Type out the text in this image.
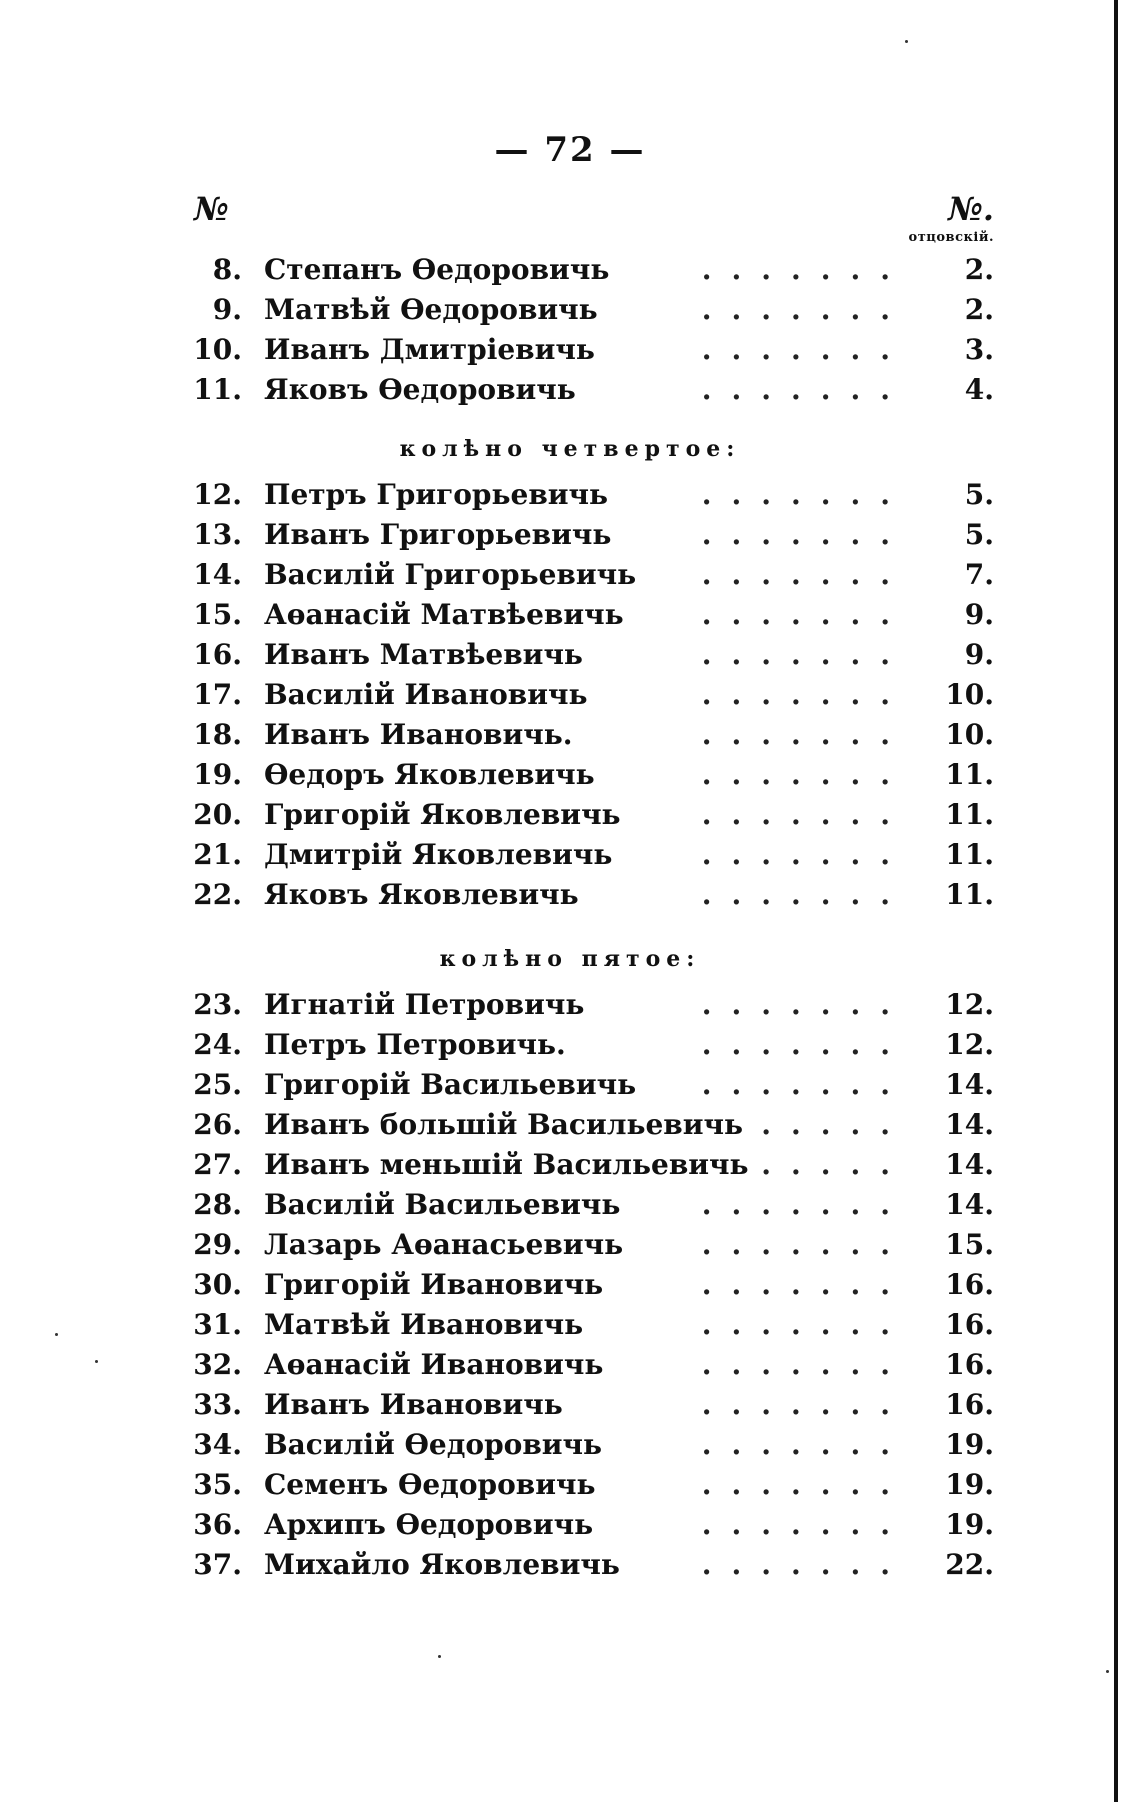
— 72 —
№	№.
отцовскій.
8. Степанъ Өедоровичь	.......	2.
9. Матвѣй Өедоровичь	.......	2.
10. Иванъ Дмитріевичь	.......	3.
11. Яковъ Өедоровичь	.......	4.
колѣно четвертое:
12. Петръ Григорьевичь	.......	5.
13. Иванъ Григорьевичь	.......	5.
14. Василій Григорьевичь	.......	7.
15. Аөанасій Матвѣевичь	.......	9.
16. Иванъ Матвѣевичь	.......	9.
17. Василій Ивановичь	.......	10.
18. Иванъ Ивановичь.	.......	10.
19. Өедоръ Яковлевичь	.......	11.
20. Григорій Яковлевичь	.......	11.
21. Дмитрій Яковлевичь	.......	11.
22. Яковъ Яковлевичь	.......	11.
колѣно пятое:
23. Игнатій Петровичь	.......	12.
24. Петръ Петровичь.	.......	12.
25. Григорій Васильевичь	.......	14.
26. Иванъ большій Васильевичь .....	14.
27. Иванъ меньшій Васильевичь .....	14.
28. Василій Васильевичь	.......	14.
29. Лазарь Аөанасьевичь	.......	15.
30. Григорій Ивановичь	.......	16.
31. Матвѣй Ивановичь	.......	16.
32. Аөанасій Ивановичь	.......	16.
33. Иванъ Ивановичь	.......	16.
34. Василій Өедоровичь	.......	19.
35. Семенъ Өедоровичь	.......	19.
36. Архипъ Өедоровичь	.......	19.
37. Михайло Яковлевичь	.......	22.
